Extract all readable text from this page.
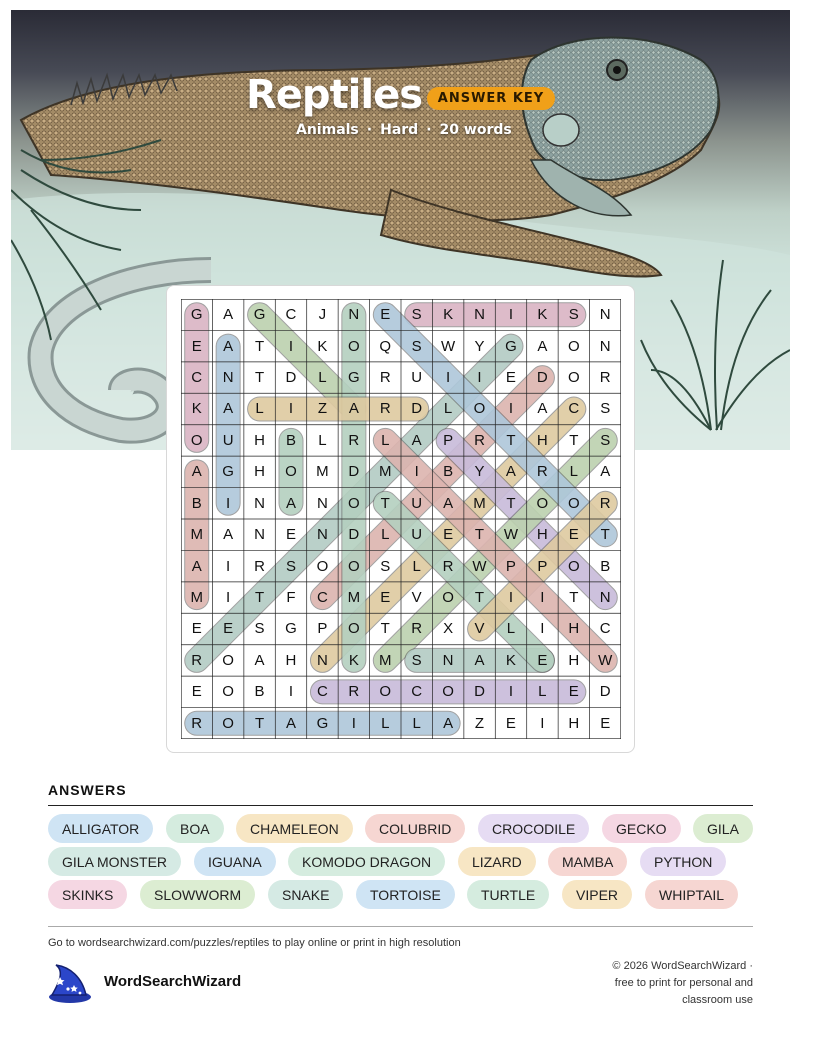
Reptiles	ANSWER KEY
Animals · Hard · 20 words
G	A	G	C	J	N	E	S	K	N	I	K	S	N
E	A	T	I	K	O	Q	S	W	Y	G	A	O	N
C	N	T	D	L	G	R	U	I	I	E	D	O	R
K	A	L	I	Z	A	R	D	L	O	I	A	C	S
O	U	H	B	L	R	L	A	P	R	T	H	T	S
A	G	H	O	M	D	M	I	B	Y	A	R	L	A
B	I	N	A	N	O	T	U	A	M	T	O	O	R
M	A	N	E	N	D	L	U	E	T	W	H	E	T
A	I	R	S	O	O	S	L	R	W	P	P	O	B
M	I	T	F	C	M	E	V	O	T	I	I	T	N
E	E	S	G	P	O	T	R	X	V	L	I	H	C
R	O	A	H	N	K	M	S	N	A	K	E	H	W
E	O	B	I	C	R	O	C	O	D	I	L	E	D
R	O	T	A	G	I	L	L	A	Z	E	I	H	E
ANSWERS
ALLIGATOR	BOA	CHAMELEON	COLUBRID	CROCODILE	GECKO	GILA
GILA MONSTER	IGUANA	KOMODO DRAGON	LIZARD	MAMBA	PYTHON
SKINKS	SLOWWORM	SNAKE	TORTOISE	TURTLE	VIPER	WHIPTAIL
Go to wordsearchwizard.com/puzzles/reptiles to play online or print in high resolution
WordSearchWizard
© 2026 WordSearchWizard ·
free to print for personal and
classroom use
